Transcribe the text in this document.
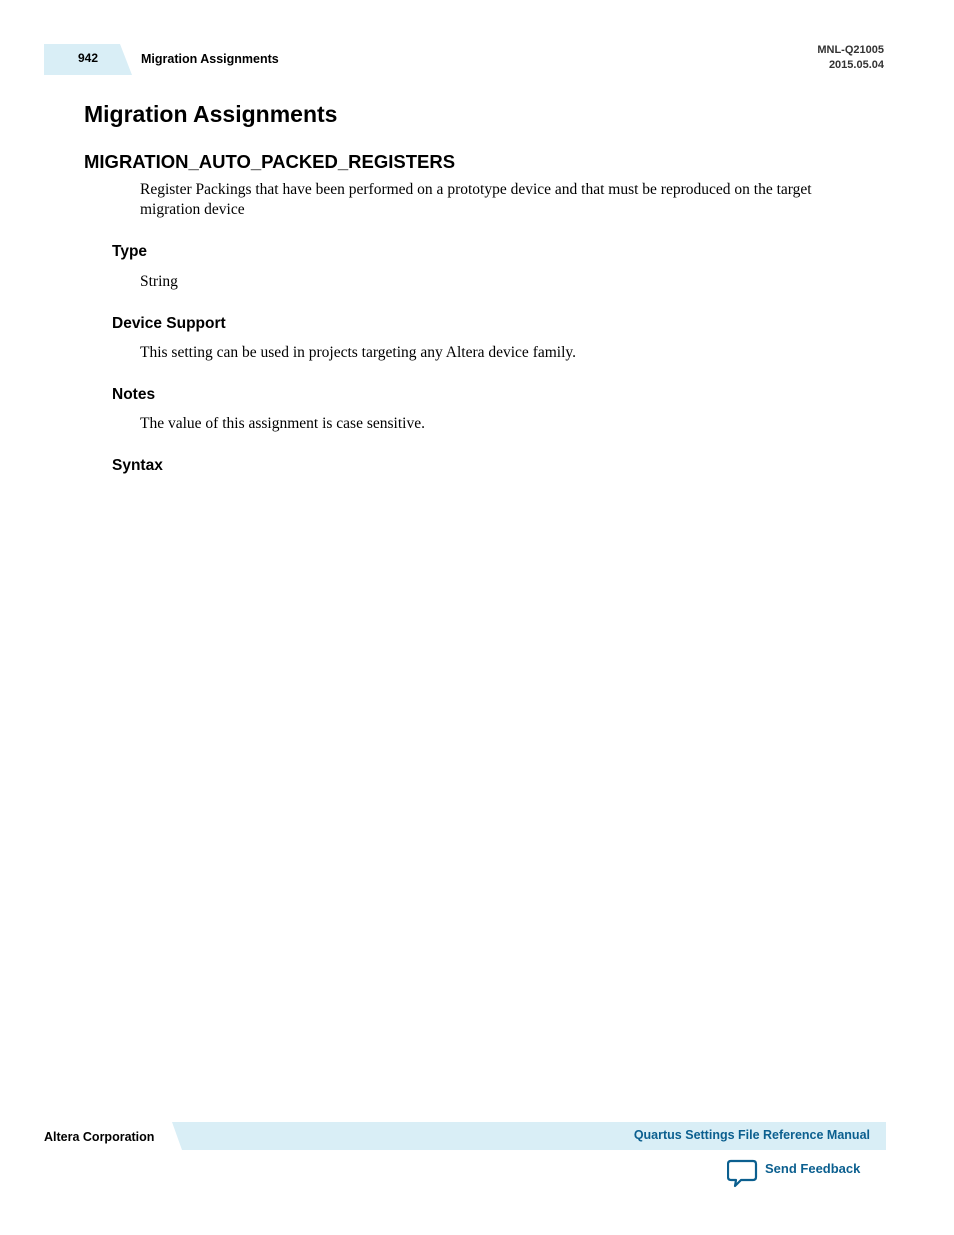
942	Migration Assignments
MNL-Q21005
2015.05.04
Migration Assignments
MIGRATION_AUTO_PACKED_REGISTERS

Register Packings that have been performed on a prototype device and that must be reproduced on the target migration device

Type

String

Device Support

This setting can be used in projects targeting any Altera device family.

Notes

The value of this assignment is case sensitive.

Syntax
Altera Corporation	Quartus Settings File Reference Manual
Send Feedback
